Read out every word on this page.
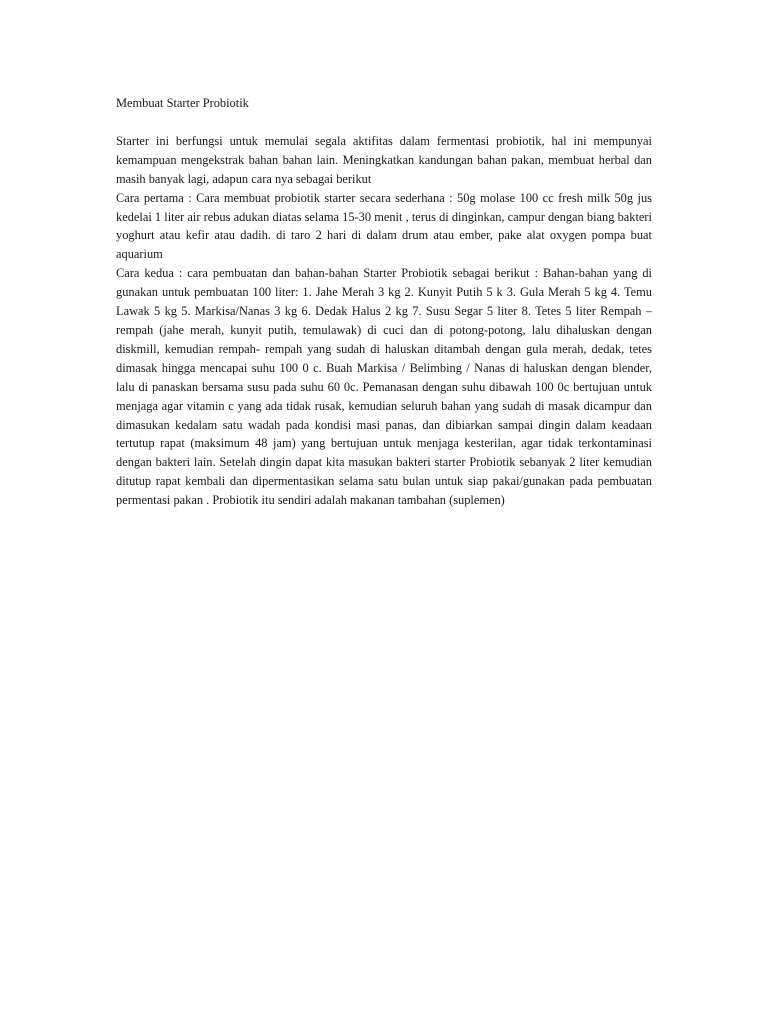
Membuat Starter Probiotik

Starter ini berfungsi untuk memulai segala aktifitas dalam fermentasi probiotik, hal ini mempunyai kemampuan mengekstrak bahan bahan lain. Meningkatkan kandungan bahan pakan, membuat herbal dan masih banyak lagi, adapun cara nya sebagai berikut

Cara pertama : Cara membuat probiotik starter secara sederhana : 50g molase 100 cc fresh milk 50g jus kedelai 1 liter air rebus adukan diatas selama 15-30 menit , terus di dinginkan, campur dengan biang bakteri yoghurt atau kefir atau dadih. di taro 2 hari di dalam drum atau ember, pake alat oxygen pompa buat aquarium

Cara kedua : cara pembuatan dan bahan-bahan Starter Probiotik sebagai berikut : Bahan-bahan yang di gunakan untuk pembuatan 100 liter: 1. Jahe Merah 3 kg 2. Kunyit Putih 5 k 3. Gula Merah 5 kg 4. Temu Lawak 5 kg 5. Markisa/Nanas 3 kg 6. Dedak Halus 2 kg 7. Susu Segar 5 liter 8. Tetes 5 liter Rempah – rempah (jahe merah, kunyit putih, temulawak) di cuci dan di potong-potong, lalu dihaluskan dengan diskmill, kemudian rempah- rempah yang sudah di haluskan ditambah dengan gula merah, dedak, tetes dimasak hingga mencapai suhu 100 0 c. Buah Markisa / Belimbing / Nanas di haluskan dengan blender, lalu di panaskan bersama susu pada suhu 60 0c. Pemanasan dengan suhu dibawah 100 0c bertujuan untuk menjaga agar vitamin c yang ada tidak rusak, kemudian seluruh bahan yang sudah di masak dicampur dan dimasukan kedalam satu wadah pada kondisi masi panas, dan dibiarkan sampai dingin dalam keadaan tertutup rapat (maksimum 48 jam) yang bertujuan untuk menjaga kesterilan, agar tidak terkontaminasi dengan bakteri lain. Setelah dingin dapat kita masukan bakteri starter Probiotik sebanyak 2 liter kemudian ditutup rapat kembali dan dipermentasikan selama satu bulan untuk siap pakai/gunakan pada pembuatan permentasi pakan . Probiotik itu sendiri adalah makanan tambahan (suplemen)
